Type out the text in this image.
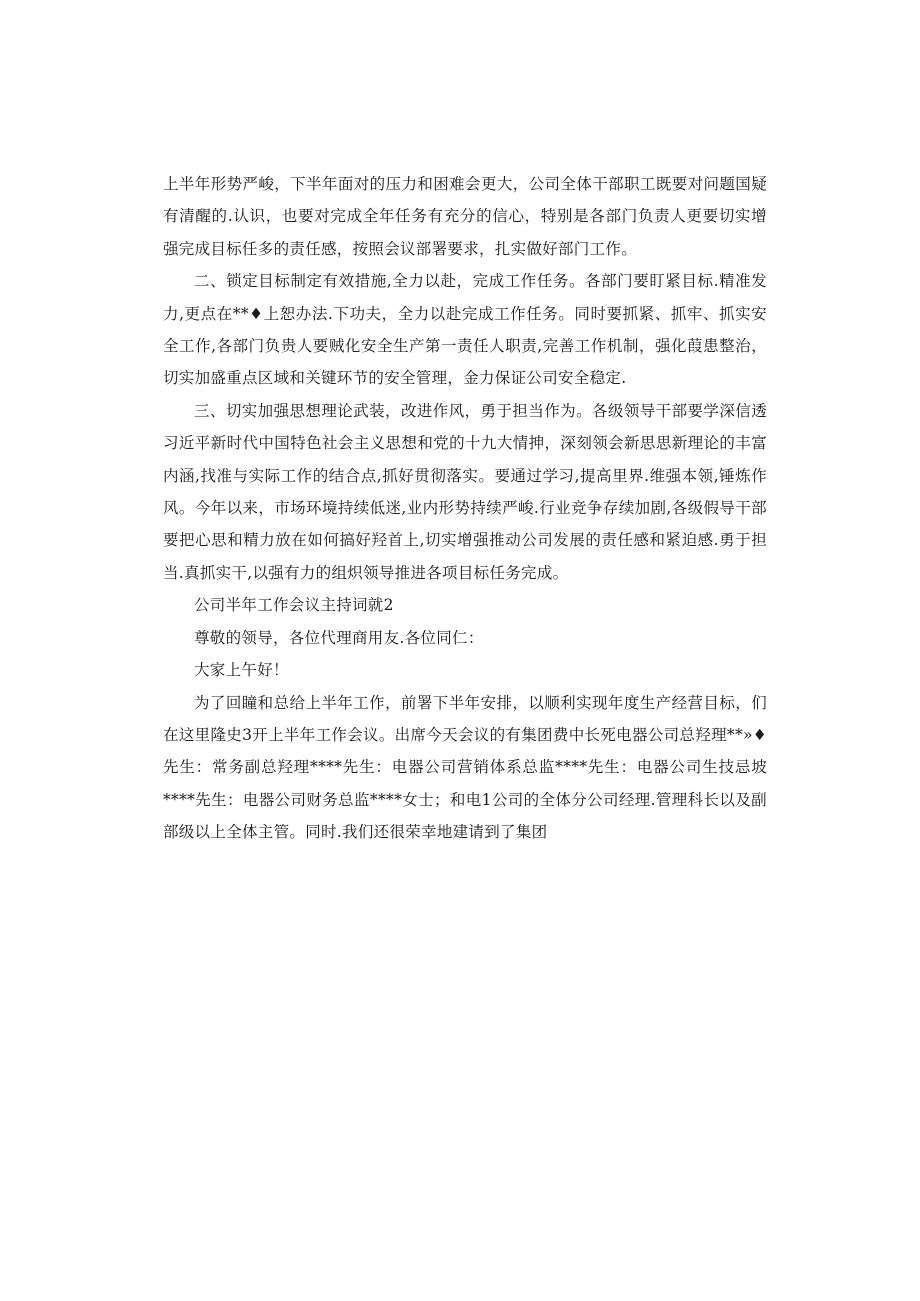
上半年形势严峻，下半年面对的压力和困难会更大，公司全体干部职工既要对问题国疑有清醒的.认识，也要对完成全年任务有充分的信心，特别是各部门负责人更要切实增强完成目标任多的责任感，按照会议部署要求，扎实做好部门工作。

二、锁定目标制定有效措施,全力以赴，完成工作任务。各部门要盯紧目标.精准发力,更点在**♦上恕办法.下功夫，全力以赴完成工作任务。同时要抓紧、抓牢、抓实安全工作,各部门负贵人要贼化安全生产第一责任人职责,完善工作机制，强化葭患整治，切实加盛重点区域和关键环节的安全管理，金力保证公司安全稳定.

三、切实加强思想理论武装，改进作风，勇于担当作为。各级领导干部要学深信透习近平新时代中国特色社会主义思想和党的十九大情抻，深刻领会新思思新理论的丰富内涵,找准与实际工作的结合点,抓好贯彻落实。要通过学习,提高里界.维强本领,锤炼作风。今年以来，市场环境持续低迷,业内形势持续严峻.行业竞争存续加剧,各级假导干部要把心思和精力放在如何搞好羟首上,切实增强推动公司发展的责任感和紧迫感.勇于担当.真抓实干,以强有力的组炽领导推进各项目标任务完成。

公司半年工作会议主持词就2

尊敬的领导，各位代理商用友.各位同仁：

大家上午好！

为了回瞳和总给上半年工作，前署下半年安排，以顺利实现年度生产经营目标，们在这里隆史3开上半年工作会议。出席今天会议的有集团费中长死电器公司总羟理**»♦先生：常务副总羟理****先生：电器公司营销体系总监****先生：电器公司生技忌坡****先生：电器公司财务总监****女士；和电1公司的全体分公司经理.管理科长以及副部级以上全体主管。同时.我们还很荣幸地建请到了集团
